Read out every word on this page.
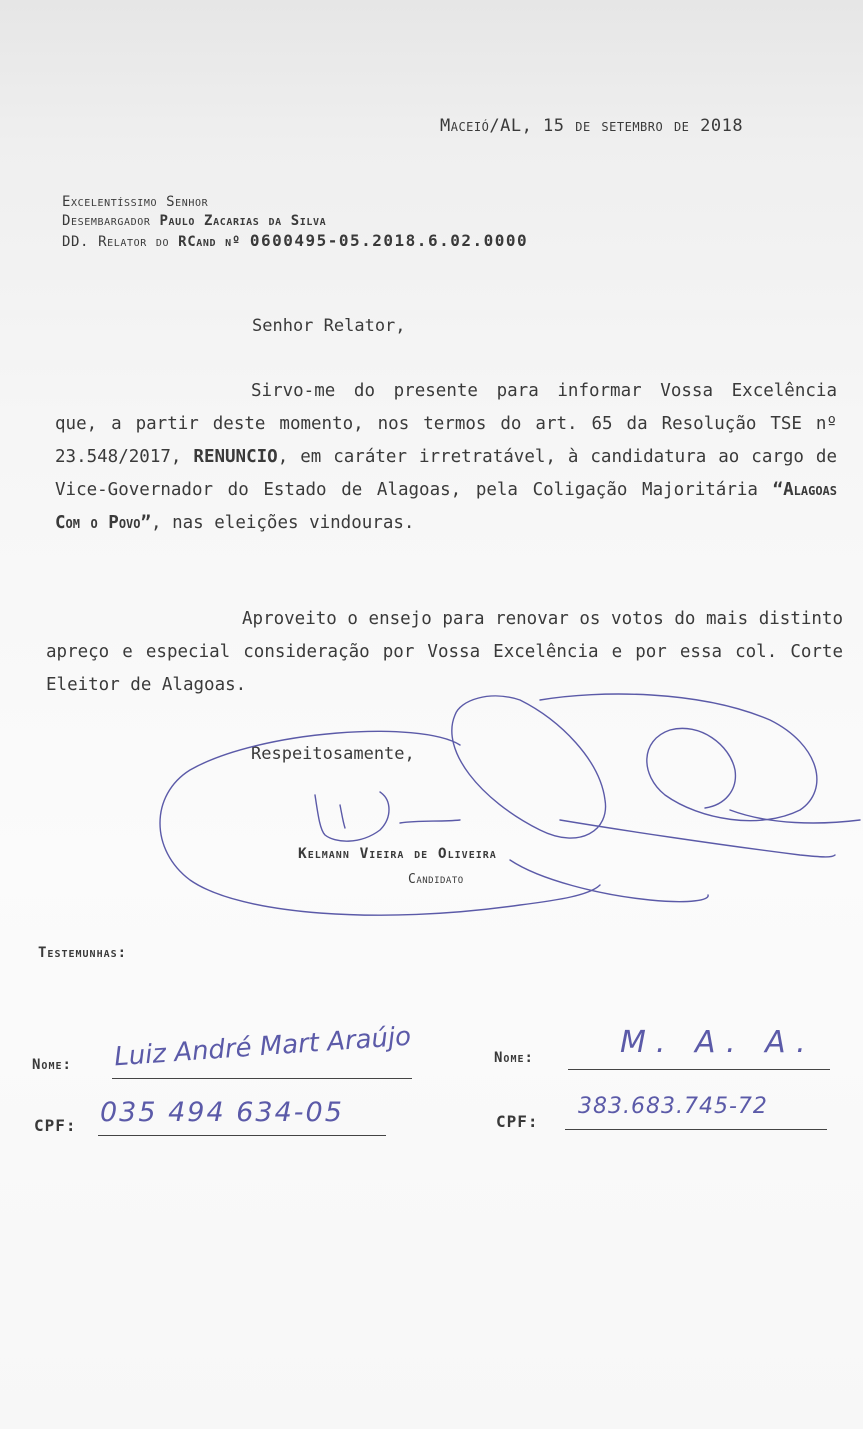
Maceió/AL, 15 de setembro de 2018
Excelentíssimo Senhor
Desembargador Paulo Zacarias da Silva
DD. Relator do RCand nº 0600495-05.2018.6.02.0000
Senhor Relator,
Sirvo-me do presente para informar Vossa Excelência que, a partir deste momento, nos termos do art. 65 da Resolução TSE nº 23.548/2017, RENUNCIO, em caráter irretratável, à candidatura ao cargo de Vice-Governador do Estado de Alagoas, pela Coligação Majoritária “Alagoas Com o Povo”, nas eleições vindouras.
Aproveito o ensejo para renovar os votos do mais distinto apreço e especial consideração por Vossa Excelência e por essa col. Corte Eleitor de Alagoas.
Respeitosamente,
Kelmann Vieira de Oliveira
Candidato
Testemunhas:
Nome: Luiz André Mart Araújo
CPF: 035 494 634-05
Nome:	M. A. A.
CPF:
383.683.745-72
